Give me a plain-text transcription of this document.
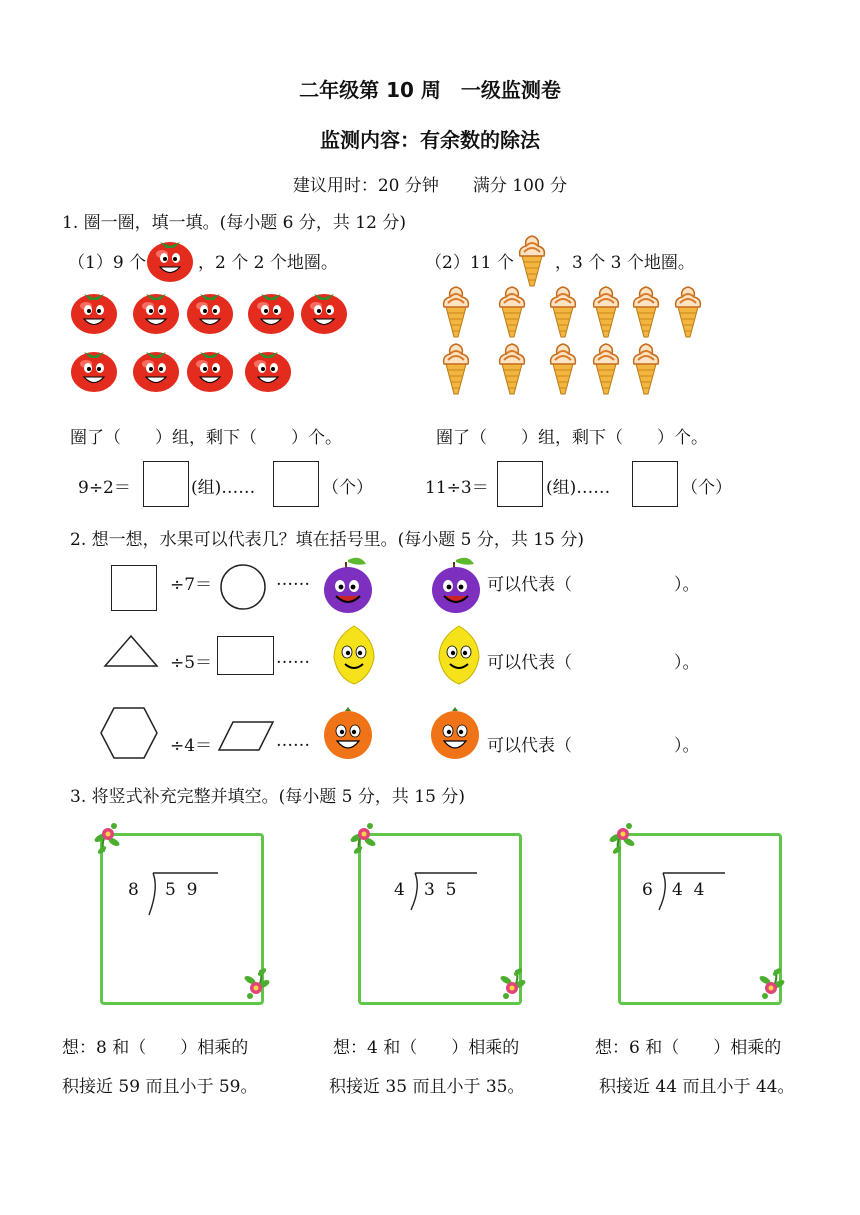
二年级第 10 周　一级监测卷
监测内容：有余数的除法
建议用时：20 分钟　　满分 100 分
1. 圈一圈，填一填。(每小题 6 分，共 12 分)
（1）9 个	，2 个 2 个地圈。	（2）11 个 ，3 个 3 个地圈。
圈了（　　）组，剩下（　　）个。	圈了（　　）组，剩下（　　）个。
9÷2＝	(组)……	（个）	11÷3＝	(组)……	（个）
2. 想一想，水果可以代表几？填在括号里。(每小题 5 分，共 15 分)
÷7＝	……	可以代表（　　　　　　）。
÷5＝	……	可以代表（　　　　　　）。
÷4＝	……	可以代表（　　　　　　）。
3. 将竖式补充完整并填空。(每小题 5 分，共 15 分)
8 5  9	4 3  5	6 4  4
想：8 和（　　）相乘的
积接近 59 而且小于 59。
想：4 和（　　）相乘的
积接近 35 而且小于 35。
想：6 和（　　）相乘的
积接近 44 而且小于 44。
